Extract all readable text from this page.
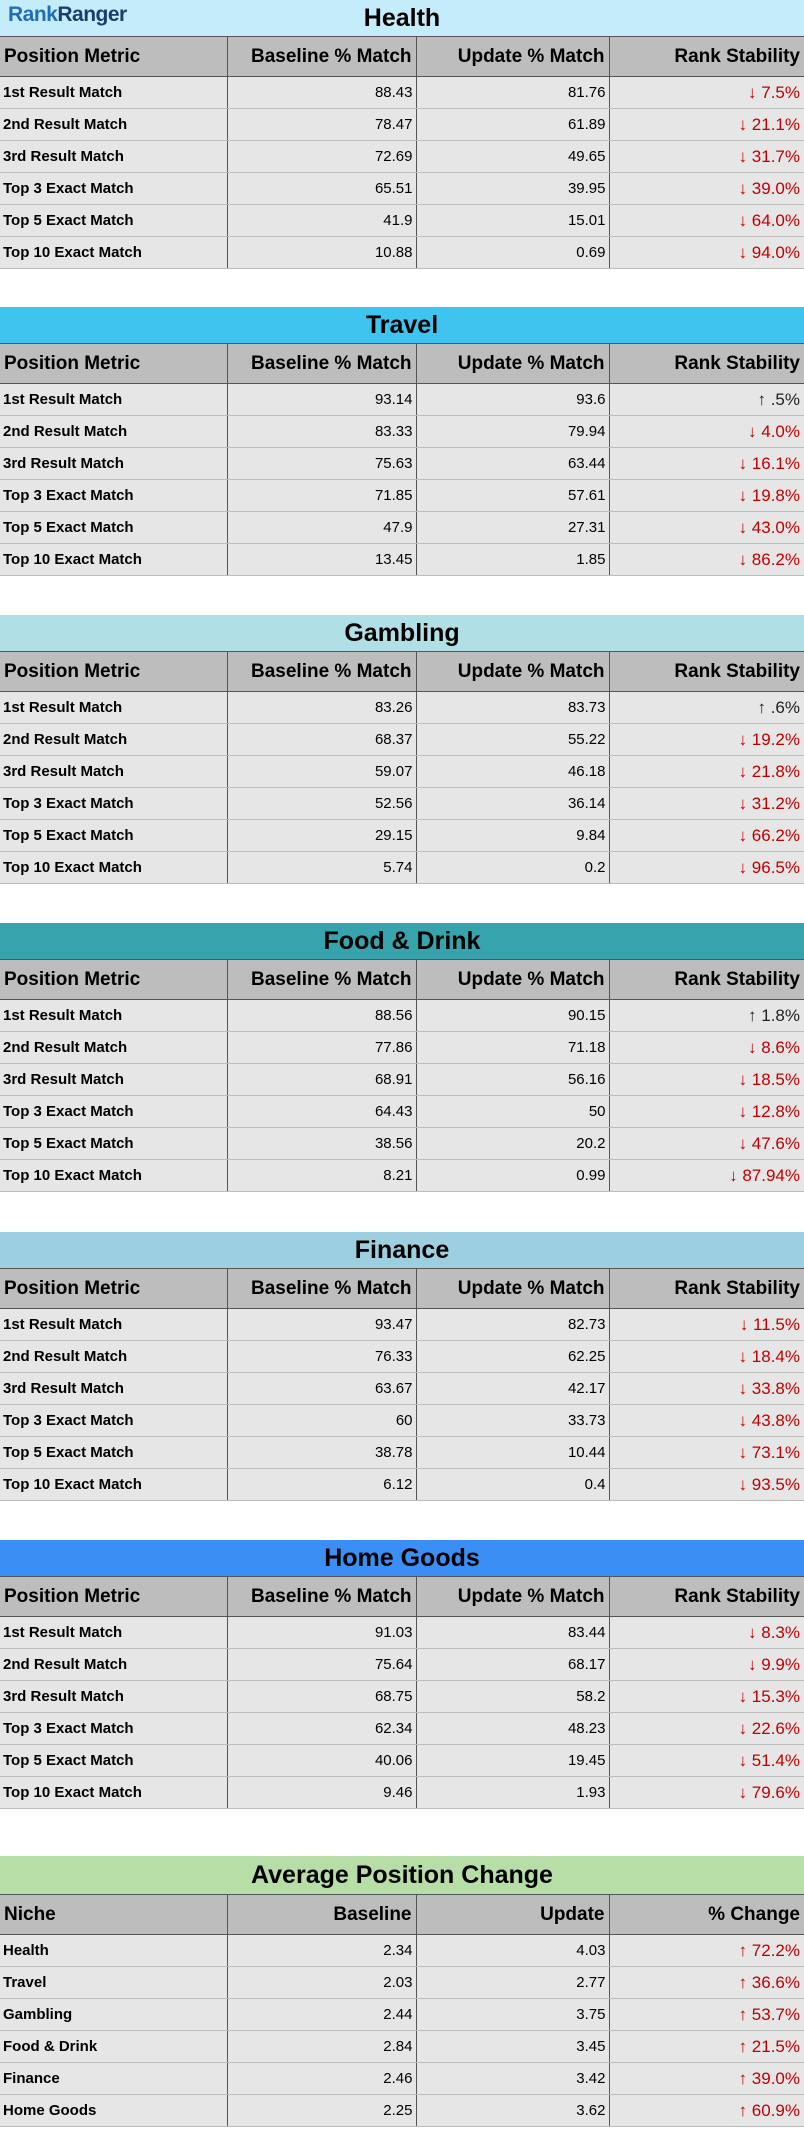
RankRanger	Health
Position Metric	Baseline % Match	Update % Match	Rank Stability
1st Result Match	88.43	81.76	↓ 7.5%
2nd Result Match	78.47	61.89	↓ 21.1%
3rd Result Match	72.69	49.65	↓ 31.7%
Top 3 Exact Match	65.51	39.95	↓ 39.0%
Top 5 Exact Match	41.9	15.01	↓ 64.0%
Top 10 Exact Match	10.88	0.69	↓ 94.0%
Travel
Position Metric	Baseline % Match	Update % Match	Rank Stability
1st Result Match	93.14	93.6	↑ .5%
2nd Result Match	83.33	79.94	↓ 4.0%
3rd Result Match	75.63	63.44	↓ 16.1%
Top 3 Exact Match	71.85	57.61	↓ 19.8%
Top 5 Exact Match	47.9	27.31	↓ 43.0%
Top 10 Exact Match	13.45	1.85	↓ 86.2%
Gambling
Position Metric	Baseline % Match	Update % Match	Rank Stability
1st Result Match	83.26	83.73	↑ .6%
2nd Result Match	68.37	55.22	↓ 19.2%
3rd Result Match	59.07	46.18	↓ 21.8%
Top 3 Exact Match	52.56	36.14	↓ 31.2%
Top 5 Exact Match	29.15	9.84	↓ 66.2%
Top 10 Exact Match	5.74	0.2	↓ 96.5%
Food & Drink
Position Metric	Baseline % Match	Update % Match	Rank Stability
1st Result Match	88.56	90.15	↑ 1.8%
2nd Result Match	77.86	71.18	↓ 8.6%
3rd Result Match	68.91	56.16	↓ 18.5%
Top 3 Exact Match	64.43	50	↓ 12.8%
Top 5 Exact Match	38.56	20.2	↓ 47.6%
Top 10 Exact Match	8.21	0.99	↓ 87.94%
Finance
Position Metric	Baseline % Match	Update % Match	Rank Stability
1st Result Match	93.47	82.73	↓ 11.5%
2nd Result Match	76.33	62.25	↓ 18.4%
3rd Result Match	63.67	42.17	↓ 33.8%
Top 3 Exact Match	60	33.73	↓ 43.8%
Top 5 Exact Match	38.78	10.44	↓ 73.1%
Top 10 Exact Match	6.12	0.4	↓ 93.5%
Home Goods
Position Metric	Baseline % Match	Update % Match	Rank Stability
1st Result Match	91.03	83.44	↓ 8.3%
2nd Result Match	75.64	68.17	↓ 9.9%
3rd Result Match	68.75	58.2	↓ 15.3%
Top 3 Exact Match	62.34	48.23	↓ 22.6%
Top 5 Exact Match	40.06	19.45	↓ 51.4%
Top 10 Exact Match	9.46	1.93	↓ 79.6%
Average Position Change
Niche	Baseline	Update	% Change
Health	2.34	4.03	↑ 72.2%
Travel	2.03	2.77	↑ 36.6%
Gambling	2.44	3.75	↑ 53.7%
Food & Drink	2.84	3.45	↑ 21.5%
Finance	2.46	3.42	↑ 39.0%
Home Goods	2.25	3.62	↑ 60.9%
